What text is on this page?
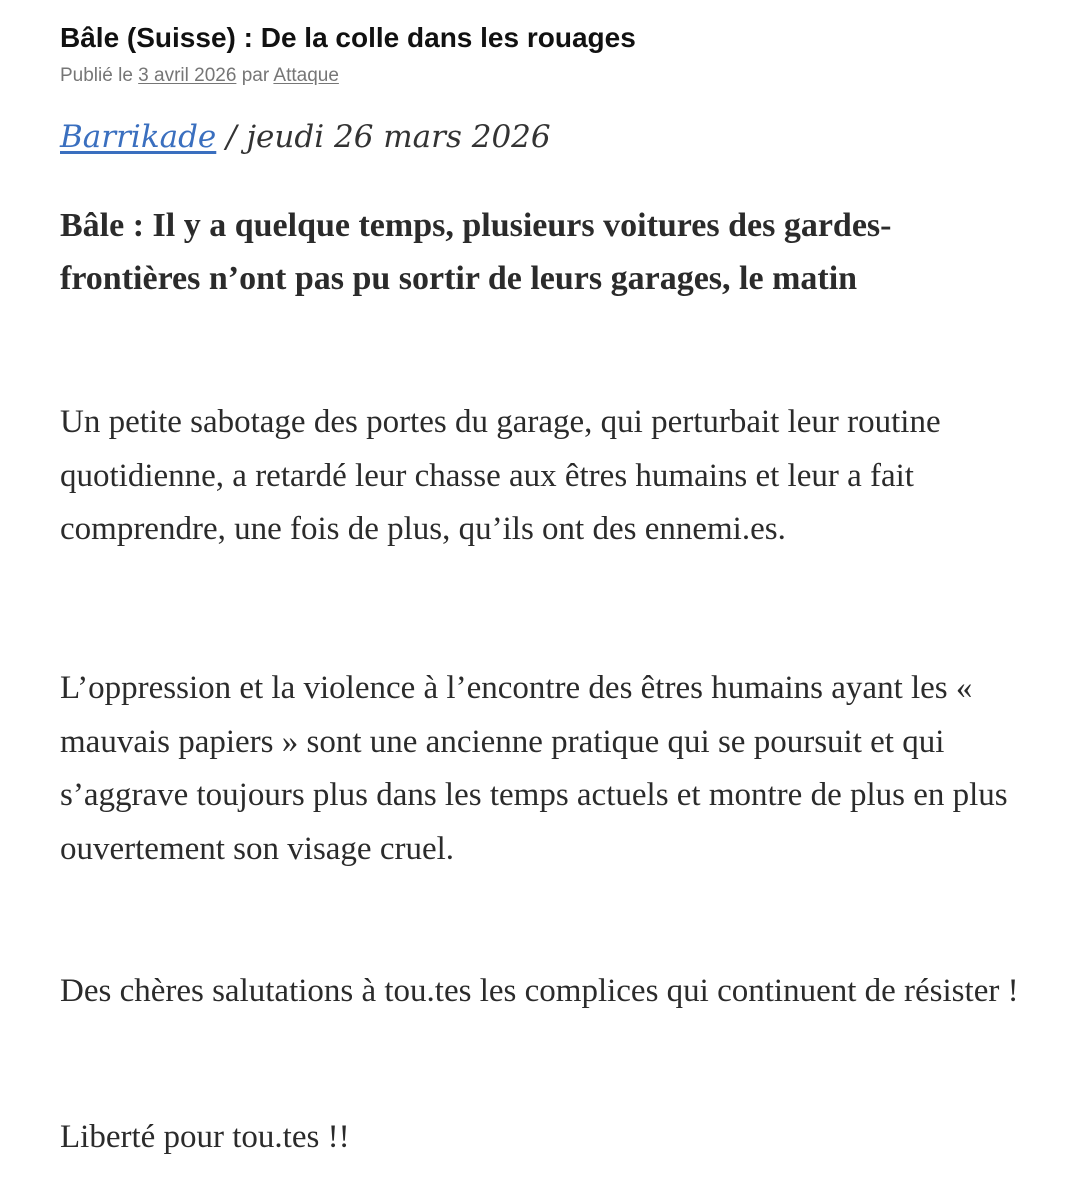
Bâle (Suisse) : De la colle dans les rouages
Publié le 3 avril 2026 par Attaque
Barrikade / jeudi 26 mars 2026

Bâle : Il y a quelque temps, plusieurs voitures des gardes-frontières n’ont pas pu sortir de leurs garages, le matin

Un petite sabotage des portes du garage, qui perturbait leur routine quotidienne, a retardé leur chasse aux êtres humains et leur a fait comprendre, une fois de plus, qu’ils ont des ennemi.es.

L’oppression et la violence à l’encontre des êtres humains ayant les « mauvais papiers » sont une ancienne pratique qui se poursuit et qui s’aggrave toujours plus dans les temps actuels et montre de plus en plus ouvertement son visage cruel.

Des chères salutations à tou.tes les complices qui continuent de résister !

Liberté pour tou.tes !!
